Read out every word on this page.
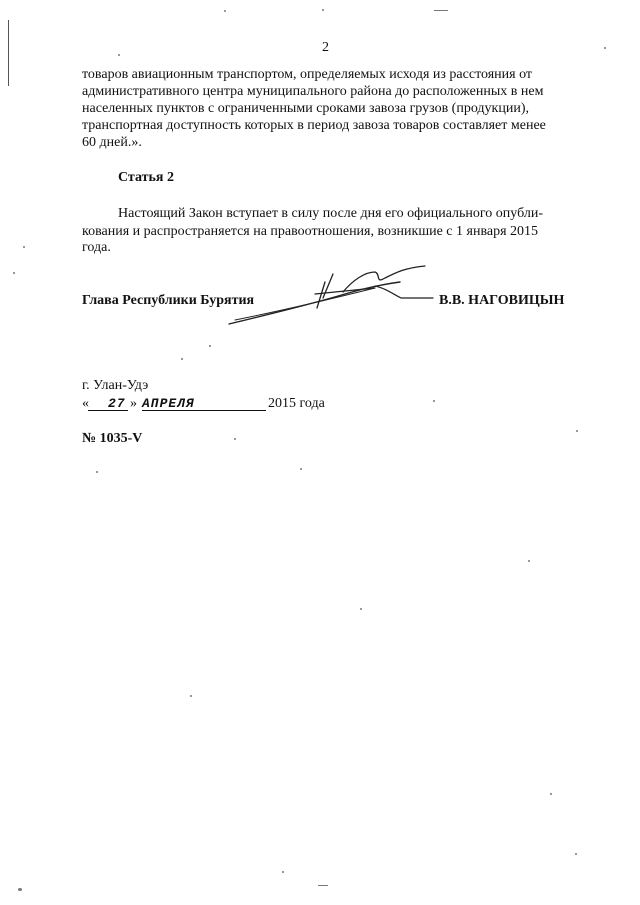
2
товаров авиационным транспортом, определяемых исходя из расстояния от
административного центра муниципального района до расположенных в нем
населенных пунктов с ограниченными сроками завоза грузов (продукции),
транспортная доступность которых в период завоза товаров составляет менее
60 дней.».
Статья 2
Настоящий Закон вступает в силу после дня его официального опубли-
кования и распространяется на правоотношения, возникшие с 1 января 2015
года.
Глава Республики Бурятия	В.В. НАГОВИЦЫН
г. Улан-Удэ
« 27 » АПРЕЛЯ	2015 года
№ 1035-V
